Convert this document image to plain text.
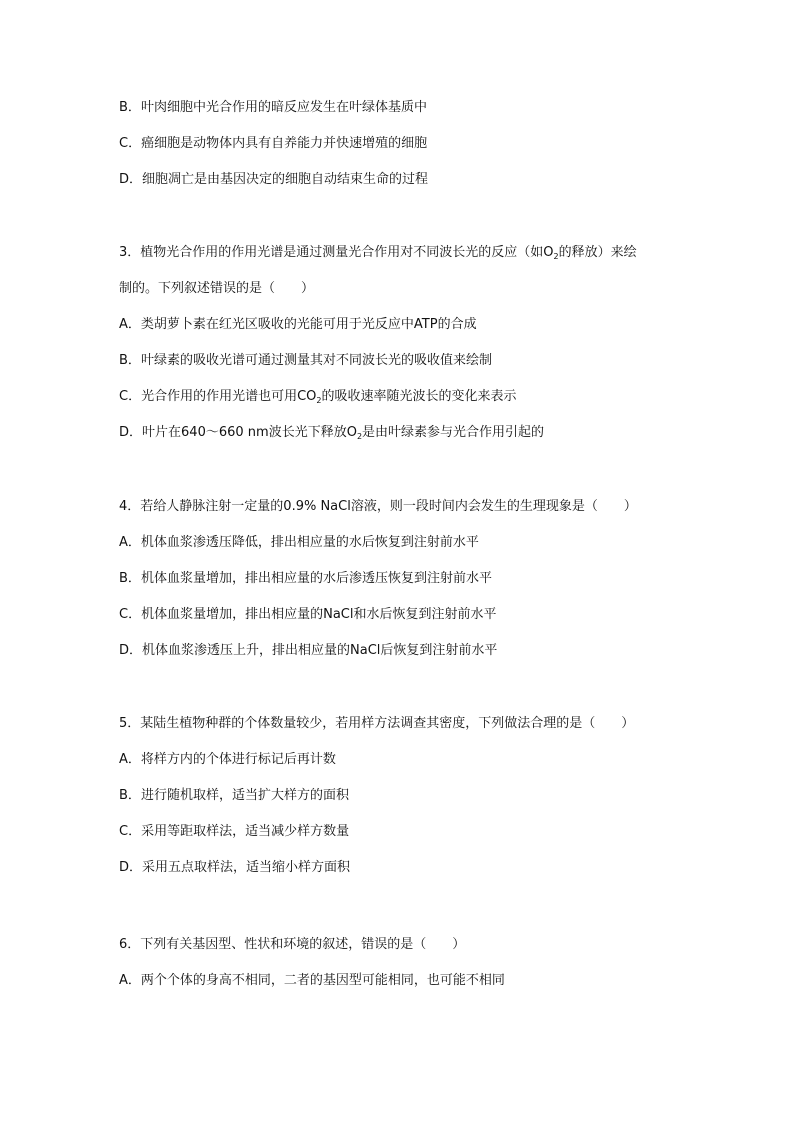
B．叶肉细胞中光合作用的暗反应发生在叶绿体基质中
C．癌细胞是动物体内具有自养能力并快速增殖的细胞
D．细胞凋亡是由基因决定的细胞自动结束生命的过程
3．植物光合作用的作用光谱是通过测量光合作用对不同波长光的反应（如$O_2$的释放）来绘
制的。下列叙述错误的是（　　）
A．类胡萝卜素在红光区吸收的光能可用于光反应中ATP的合成
B．叶绿素的吸收光谱可通过测量其对不同波长光的吸收值来绘制
C．光合作用的作用光谱也可用$CO_2$的吸收速率随光波长的变化来表示
D．叶片在640～660 nm波长光下释放$O_2$是由叶绿素参与光合作用引起的
4．若给人静脉注射一定量的0.9% NaCl溶液，则一段时间内会发生的生理现象是（　　）
A．机体血浆渗透压降低，排出相应量的水后恢复到注射前水平
B．机体血浆量增加，排出相应量的水后渗透压恢复到注射前水平
C．机体血浆量增加，排出相应量的NaCl和水后恢复到注射前水平
D．机体血浆渗透压上升，排出相应量的NaCl后恢复到注射前水平
5．某陆生植物种群的个体数量较少，若用样方法调查其密度，下列做法合理的是（　　）
A．将样方内的个体进行标记后再计数
B．进行随机取样，适当扩大样方的面积
C．采用等距取样法，适当减少样方数量
D．采用五点取样法，适当缩小样方面积
6．下列有关基因型、性状和环境的叙述，错误的是（　　）
A．两个个体的身高不相同，二者的基因型可能相同，也可能不相同
